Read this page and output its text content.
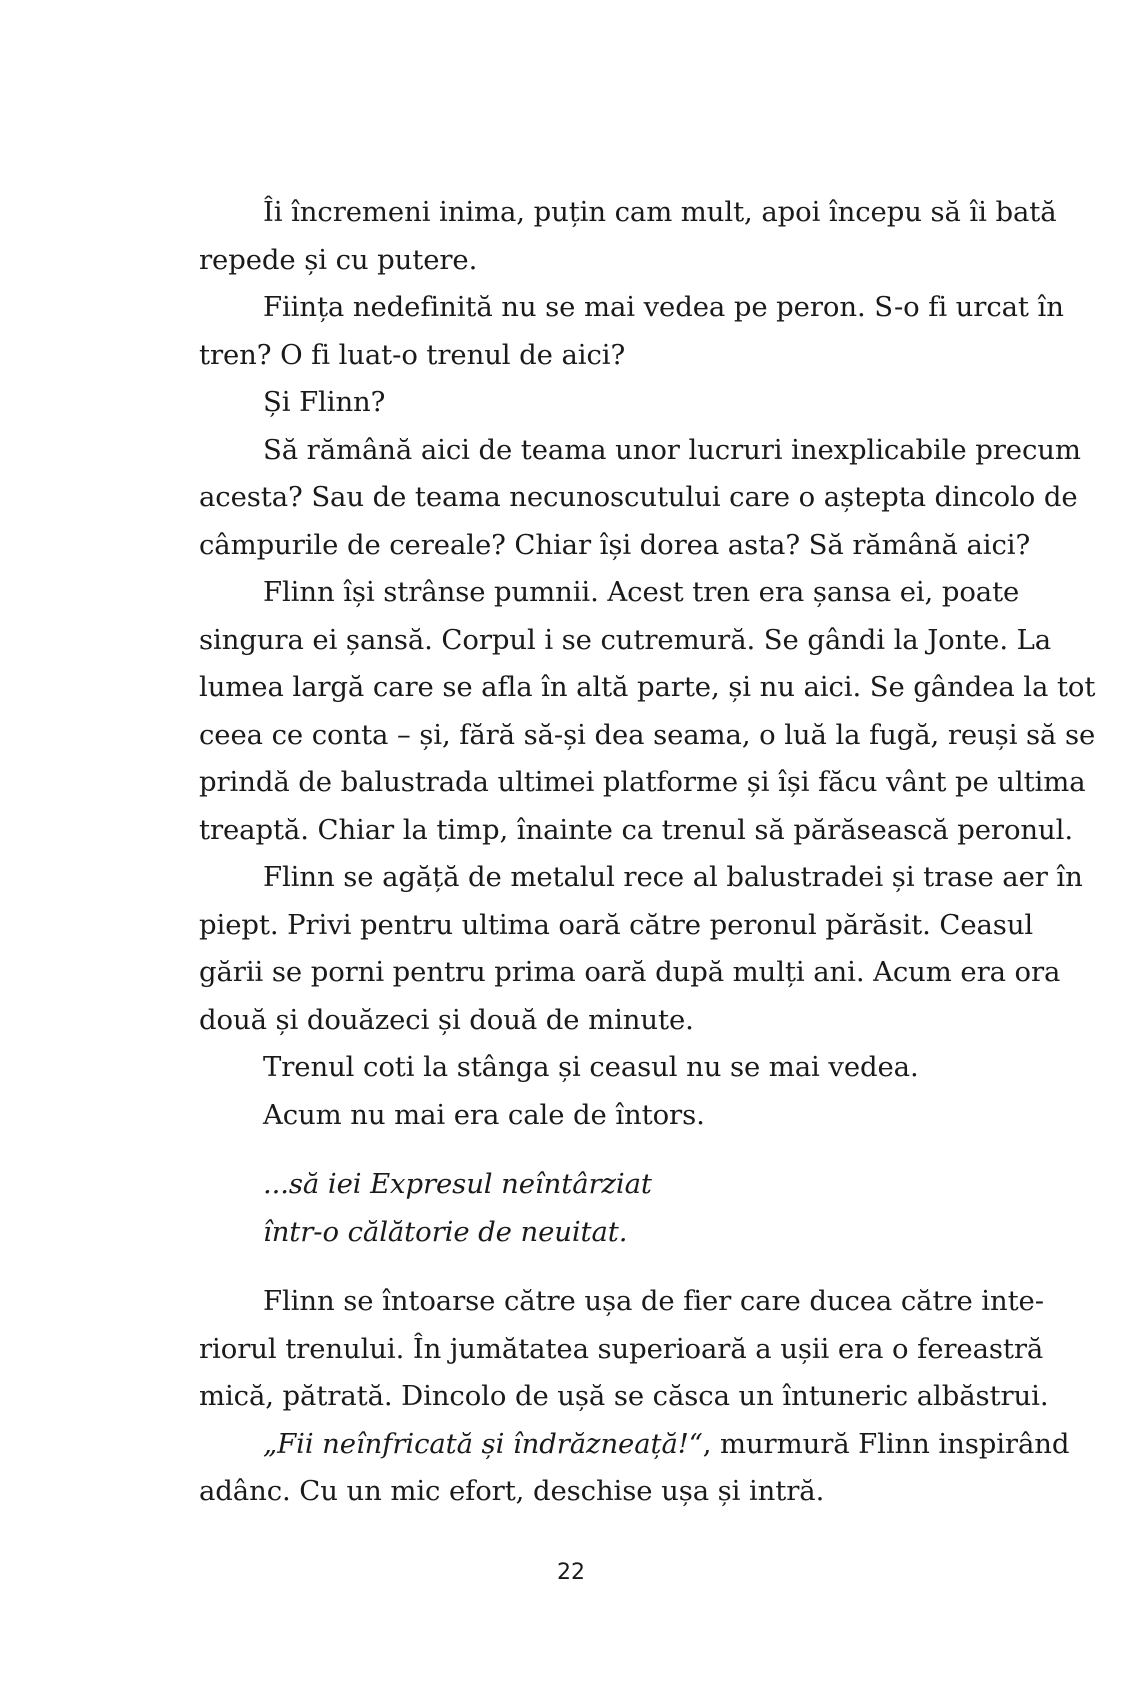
Îi încremeni inima, puțin cam mult, apoi începu să îi bată
repede și cu putere.
Ființa nedefinită nu se mai vedea pe peron. S-o fi urcat în
tren? O fi luat-o trenul de aici?
Și Flinn?
Să rămână aici de teama unor lucruri inexplicabile precum
acesta? Sau de teama necunoscutului care o aștepta dincolo de
câmpurile de cereale? Chiar își dorea asta? Să rămână aici?
Flinn își strânse pumnii. Acest tren era șansa ei, poate
singura ei șansă. Corpul i se cutremură. Se gândi la Jonte. La
lumea largă care se afla în altă parte, și nu aici. Se gândea la tot
ceea ce conta – și, fără să-și dea seama, o luă la fugă, reuși să se
prindă de balustrada ultimei platforme și își făcu vânt pe ultima
treaptă. Chiar la timp, înainte ca trenul să părăsească peronul.
Flinn se agăță de metalul rece al balustradei și trase aer în
piept. Privi pentru ultima oară către peronul părăsit. Ceasul
gării se porni pentru prima oară după mulți ani. Acum era ora
două și douăzeci și două de minute.
Trenul coti la stânga și ceasul nu se mai vedea.
Acum nu mai era cale de întors.
...să iei Expresul neîntârziat
într-o călătorie de neuitat.
Flinn se întoarse către ușa de fier care ducea către inte-
riorul trenului. În jumătatea superioară a ușii era o fereastră
mică, pătrată. Dincolo de ușă se căsca un întuneric albăstrui.
„Fii neînfricată și îndrăzneață!“, murmură Flinn inspirând
adânc. Cu un mic efort, deschise ușa și intră.
22
